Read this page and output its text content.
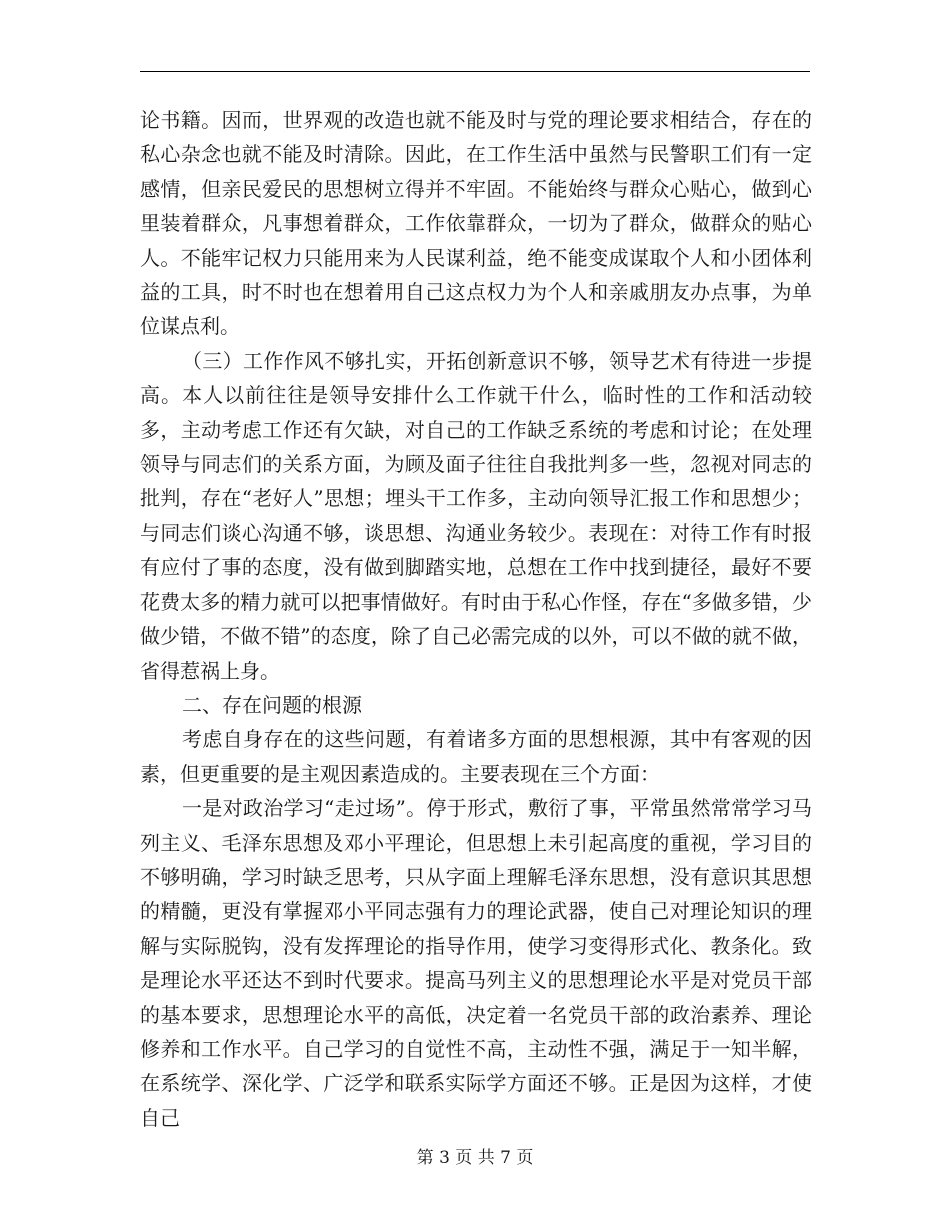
论书籍。因而，世界观的改造也就不能及时与党的理论要求相结合，存在的私心杂念也就不能及时清除。因此，在工作生活中虽然与民警职工们有一定感情，但亲民爱民的思想树立得并不牢固。不能始终与群众心贴心，做到心里装着群众，凡事想着群众，工作依靠群众，一切为了群众，做群众的贴心人。不能牢记权力只能用来为人民谋利益，绝不能变成谋取个人和小团体利益的工具，时不时也在想着用自己这点权力为个人和亲戚朋友办点事，为单位谋点利。

（三）工作作风不够扎实，开拓创新意识不够，领导艺术有待进一步提高。本人以前往往是领导安排什么工作就干什么，临时性的工作和活动较多，主动考虑工作还有欠缺，对自己的工作缺乏系统的考虑和讨论；在处理领导与同志们的关系方面，为顾及面子往往自我批判多一些，忽视对同志的批判，存在“老好人”思想；埋头干工作多，主动向领导汇报工作和思想少；与同志们谈心沟通不够，谈思想、沟通业务较少。表现在：对待工作有时报有应付了事的态度，没有做到脚踏实地，总想在工作中找到捷径，最好不要花费太多的精力就可以把事情做好。有时由于私心作怪，存在“多做多错，少做少错，不做不错”的态度，除了自己必需完成的以外，可以不做的就不做，省得惹祸上身。

二、存在问题的根源

考虑自身存在的这些问题，有着诸多方面的思想根源，其中有客观的因素，但更重要的是主观因素造成的。主要表现在三个方面：

一是对政治学习“走过场”。停于形式，敷衍了事，平常虽然常常学习马列主义、毛泽东思想及邓小平理论，但思想上未引起高度的重视，学习目的不够明确，学习时缺乏思考，只从字面上理解毛泽东思想，没有意识其思想的精髓，更没有掌握邓小平同志强有力的理论武器，使自己对理论知识的理解与实际脱钩，没有发挥理论的指导作用，使学习变得形式化、教条化。致是理论水平还达不到时代要求。提高马列主义的思想理论水平是对党员干部的基本要求，思想理论水平的高低，决定着一名党员干部的政治素养、理论修养和工作水平。自己学习的自觉性不高，主动性不强，满足于一知半解，在系统学、深化学、广泛学和联系实际学方面还不够。正是因为这样，才使自己

第 3 页 共 7 页
